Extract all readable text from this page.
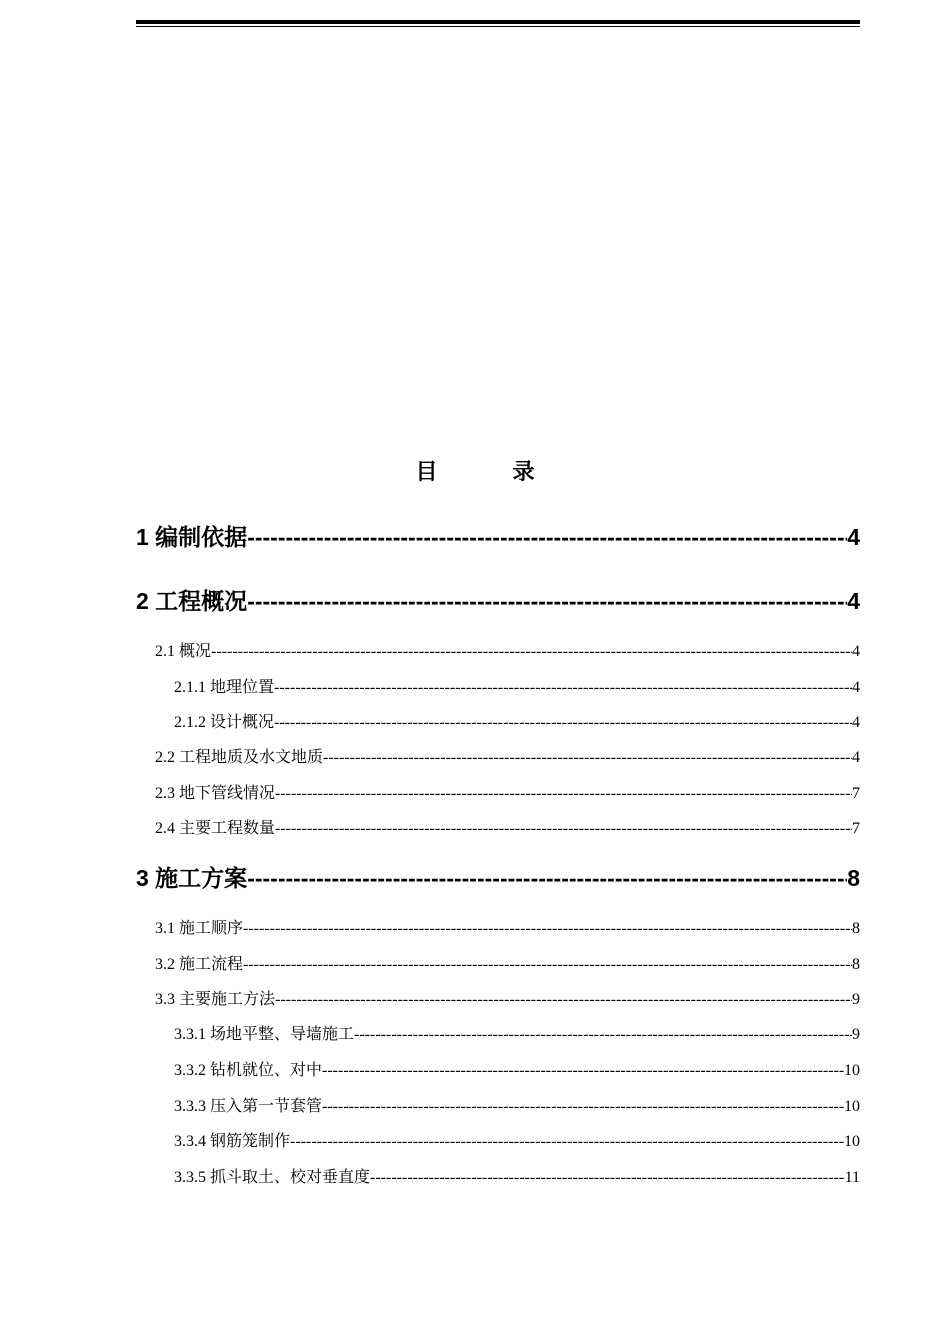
目	录
1 编制依据 -----	4
2 工程概况 -----	4
2.1 概况 -----	4
2.1.1 地理位置 -----	4
2.1.2 设计概况 -----	4
2.2 工程地质及水文地质 -----	4
2.3 地下管线情况 -----	7
2.4 主要工程数量 -----	7
3 施工方案 -----	8
3.1 施工顺序 -----	8
3.2 施工流程 -----	8
3.3 主要施工方法 -----	9
3.3.1 场地平整、导墙施工 -----	9
3.3.2 钻机就位、对中 -----	10
3.3.3 压入第一节套管 -----	10
3.3.4 钢筋笼制作 -----	10
3.3.5 抓斗取土、校对垂直度 -----	11
